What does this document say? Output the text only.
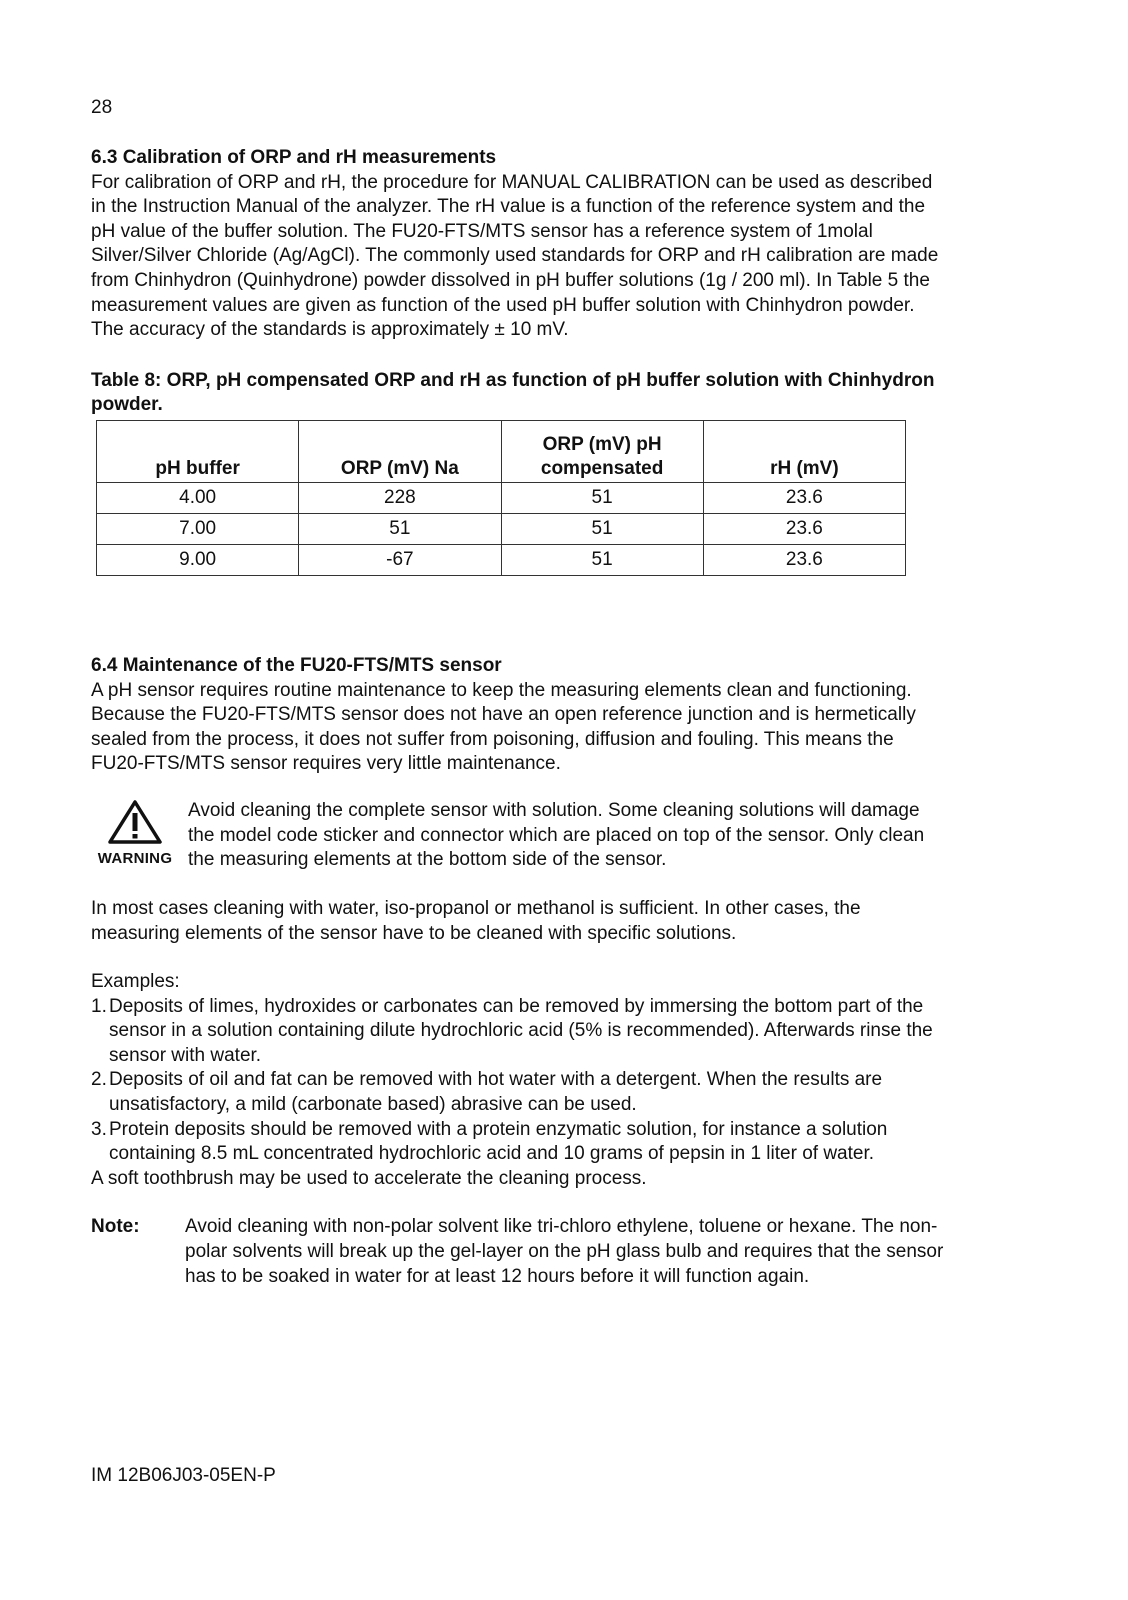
28
6.3 Calibration of ORP and rH measurements

For calibration of ORP and rH, the procedure for MANUAL CALIBRATION can be used as described in the Instruction Manual of the analyzer. The rH value is a function of the reference system and the pH value of the buffer solution. The FU20-FTS/MTS sensor has a reference system of 1molal Silver/Silver Chloride (Ag/AgCl). The commonly used standards for ORP and rH calibration are made from Chinhydron (Quinhydrone) powder dissolved in pH buffer solutions (1g / 200 ml). In Table 5 the measurement values are given as function of the used pH buffer solution with Chinhydron powder. The accuracy of the standards is approximately ± 10 mV.

Table 8: ORP, pH compensated ORP and rH as function of pH buffer solution with Chinhydron powder.

pH buffer	ORP (mV) Na	ORP (mV) pH compensated	rH (mV)
4.00	228	51	23.6
7.00	51	51	23.6
9.00	-67	51	23.6
6.4 Maintenance of the FU20-FTS/MTS sensor

A pH sensor requires routine maintenance to keep the measuring elements clean and functioning. Because the FU20-FTS/MTS sensor does not have an open reference junction and is hermetically sealed from the process, it does not suffer from poisoning, diffusion and fouling. This means the FU20-FTS/MTS sensor requires very little maintenance.

WARNING

Avoid cleaning the complete sensor with solution. Some cleaning solutions will damage the model code sticker and connector which are placed on top of the sensor. Only clean the measuring elements at the bottom side of the sensor.

In most cases cleaning with water, iso-propanol or methanol is sufficient. In other cases, the measuring elements of the sensor have to be cleaned with specific solutions.

Examples:

1. Deposits of limes, hydroxides or carbonates can be removed by immersing the bottom part of the sensor in a solution containing dilute hydrochloric acid (5% is recommended). Afterwards rinse the sensor with water.
2. Deposits of oil and fat can be removed with hot water with a detergent. When the results are unsatisfactory, a mild (carbonate based) abrasive can be used.
3. Protein deposits should be removed with a protein enzymatic solution, for instance a solution containing 8.5 mL concentrated hydrochloric acid and 10 grams of pepsin in 1 liter of water.

A soft toothbrush may be used to accelerate the cleaning process.

Note: Avoid cleaning with non-polar solvent like tri-chloro ethylene, toluene or hexane. The non-polar solvents will break up the gel-layer on the pH glass bulb and requires that the sensor has to be soaked in water for at least 12 hours before it will function again.

IM 12B06J03-05EN-P
